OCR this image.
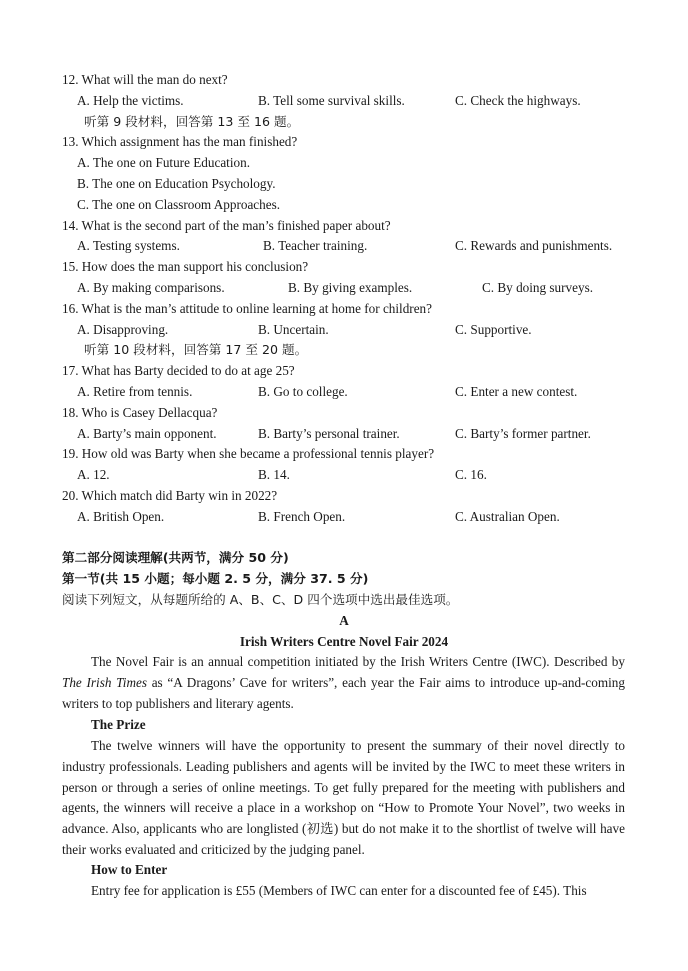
12. What will the man do next?
A. Help the victims.	B. Tell some survival skills.	C. Check the highways.
听第 9 段材料，回答第 13 至 16 题。
13. Which assignment has the man finished?
A. The one on Future Education.
B. The one on Education Psychology.
C. The one on Classroom Approaches.
14. What is the second part of the man’s finished paper about?
A. Testing systems.	B. Teacher training.	C. Rewards and punishments.
15. How does the man support his conclusion?
A. By making comparisons.	B. By giving examples.	C. By doing surveys.
16. What is the man’s attitude to online learning at home for children?
A. Disapproving.	B. Uncertain.	C. Supportive.
听第 10 段材料，回答第 17 至 20 题。
17. What has Barty decided to do at age 25?
A. Retire from tennis.	B. Go to college.	C. Enter a new contest.
18. Who is Casey Dellacqua?
A. Barty’s main opponent.	B. Barty’s personal trainer.	C. Barty’s former partner.
19. How old was Barty when she became a professional tennis player?
A. 12.	B. 14.	C. 16.
20. Which match did Barty win in 2022?
A. British Open.	B. French Open.	C. Australian Open.
第二部分阅读理解(共两节，满分 50 分)
第一节(共 15 小题；每小题 2. 5 分，满分 37. 5 分)
阅读下列短文，从每题所给的 A、B、C、D 四个选项中选出最佳选项。
A
Irish Writers Centre Novel Fair 2024
The Novel Fair is an annual competition initiated by the Irish Writers Centre (IWC). Described by The Irish Times as “A Dragons’ Cave for writers”, each year the Fair aims to introduce up-and-coming writers to top publishers and literary agents.
The Prize
The twelve winners will have the opportunity to present the summary of their novel directly to industry professionals. Leading publishers and agents will be invited by the IWC to meet these writers in person or through a series of online meetings. To get fully prepared for the meeting with publishers and agents, the winners will receive a place in a workshop on “How to Promote Your Novel”, two weeks in advance. Also, applicants who are longlisted (初选) but do not make it to the shortlist of twelve will have their works evaluated and criticized by the judging panel.
How to Enter
Entry fee for application is £55 (Members of IWC can enter for a discounted fee of £45). This
